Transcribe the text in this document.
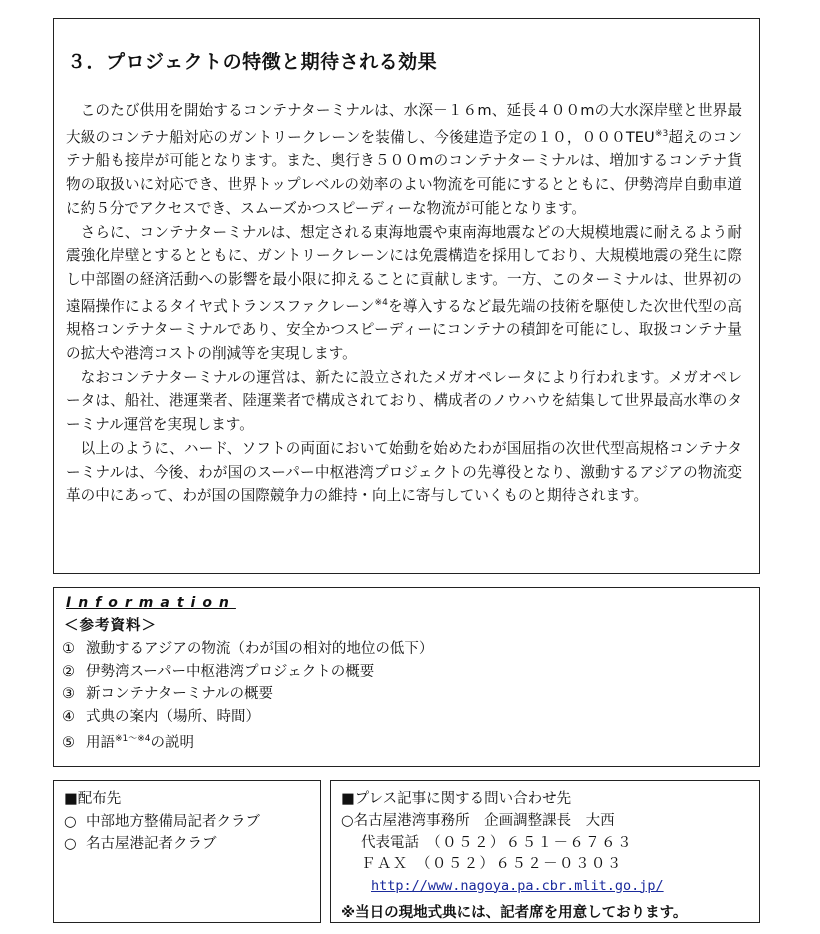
３．プロジェクトの特徴と期待される効果

このたび供用を開始するコンテナターミナルは、水深－１６m、延長４００mの大水深岸壁と世界最大級のコンテナ船対応のガントリークレーンを装備し、今後建造予定の１０，０００TEU$^{※3}$超えのコンテナ船も接岸が可能となります。また、奥行き５００mのコンテナターミナルは、増加するコンテナ貨物の取扱いに対応でき、世界トップレベルの効率のよい物流を可能にするとともに、伊勢湾岸自動車道に約５分でアクセスでき、スムーズかつスピーディーな物流が可能となります。

さらに、コンテナターミナルは、想定される東海地震や東南海地震などの大規模地震に耐えるよう耐震強化岸壁とするとともに、ガントリークレーンには免震構造を採用しており、大規模地震の発生に際し中部圏の経済活動への影響を最小限に抑えることに貢献します。一方、このターミナルは、世界初の遠隔操作によるタイヤ式トランスファクレーン$^{※4}$を導入するなど最先端の技術を駆使した次世代型の高規格コンテナターミナルであり、安全かつスピーディーにコンテナの積卸を可能にし、取扱コンテナ量の拡大や港湾コストの削減等を実現します。

なおコンテナターミナルの運営は、新たに設立されたメガオペレータにより行われます。メガオペレータは、船社、港運業者、陸運業者で構成されており、構成者のノウハウを結集して世界最高水準のターミナル運営を実現します。

以上のように、ハード、ソフトの両面において始動を始めたわが国屈指の次世代型高規格コンテナターミナルは、今後、わが国のスーパー中枢港湾プロジェクトの先導役となり、激動するアジアの物流変革の中にあって、わが国の国際競争力の維持・向上に寄与していくものと期待されます。

Information
＜参考資料＞
① 激動するアジアの物流（わが国の相対的地位の低下）
② 伊勢湾スーパー中枢港湾プロジェクトの概要
③ 新コンテナターミナルの概要
④ 式典の案内（場所、時間）
⑤ 用語$^{※1\sim※4}$の説明
■配布先
○ 中部地方整備局記者クラブ
○ 名古屋港記者クラブ
■プレス記事に関する問い合わせ先
○名古屋港湾事務所　企画調整課長　大西
代表電話　 （０５２）６５１－６７６３
ＦＡＸ　 （０５２）６５２－０３０３
http://www.nagoya.pa.cbr.mlit.go.jp/
※当日の現地式典には、記者席を用意しております。
